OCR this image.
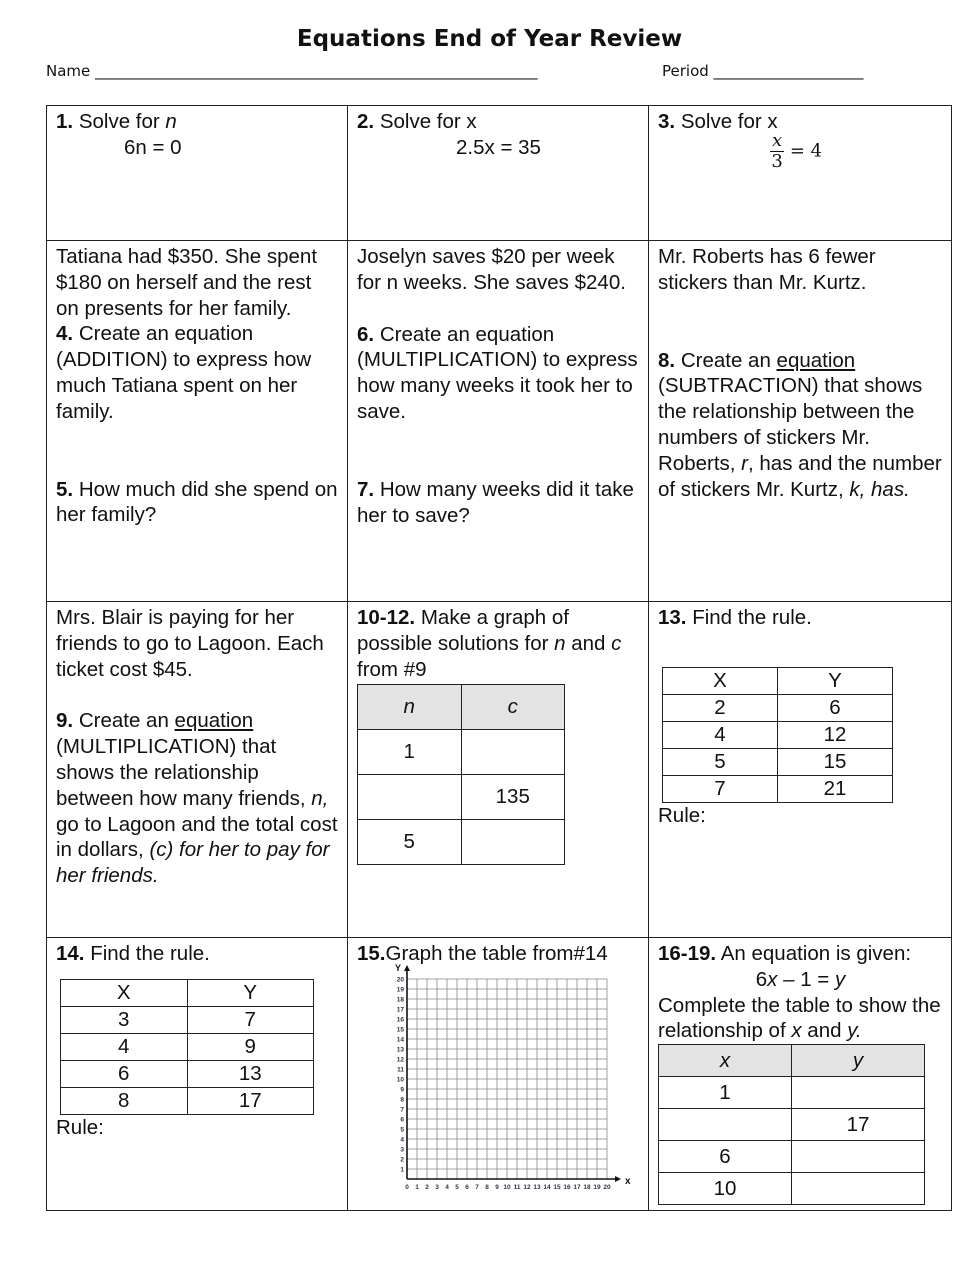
Equations End of Year Review
Name ___________________________________________________________	Period ____________________
1. Solve for n
6n = 0

2. Solve for x
2.5x = 35

3. Solve for x
$\frac{x}{3} = 4$

Tatiana had $350. She spent $180 on herself and the rest on presents for her family.
4. Create an equation (ADDITION) to express how much Tatiana spent on her family.
5. How much did she spend on her family?

Joselyn saves $20 per week for n weeks. She saves $240.
6. Create an equation (MULTIPLICATION) to express how many weeks it took her to save.
7. How many weeks did it take her to save?

Mr. Roberts has 6 fewer stickers than Mr. Kurtz.
8. Create an equation (SUBTRACTION) that shows the relationship between the numbers of stickers Mr. Roberts, r, has and the number of stickers Mr. Kurtz, k, has.

Mrs. Blair is paying for her friends to go to Lagoon. Each ticket cost $45.
9. Create an equation (MULTIPLICATION) that shows the relationship between how many friends, n, go to Lagoon and the total cost in dollars, (c) for her to pay for her friends.

10-12. Make a graph of possible solutions for n and c from #9
n	c
1	
	135
5	

13. Find the rule.
X	Y
2	6
4	12
5	15
7	21
Rule:

14. Find the rule.
X	Y
3	7
4	9
6	13
8	17
Rule:

15.Graph the table from#14
0 1
1
2
2
3
3
4
4
5
5
6
6
7
7
8
8
9
9
10
10
11
11
12
12
13
13
14
14
15
15
16
16
17
17
18
18
19
19
20
20
x
Y

16-19. An equation is given:
6x – 1 = y
Complete the table to show the relationship of x and y.
x	y
1	
	17
6	
10	
